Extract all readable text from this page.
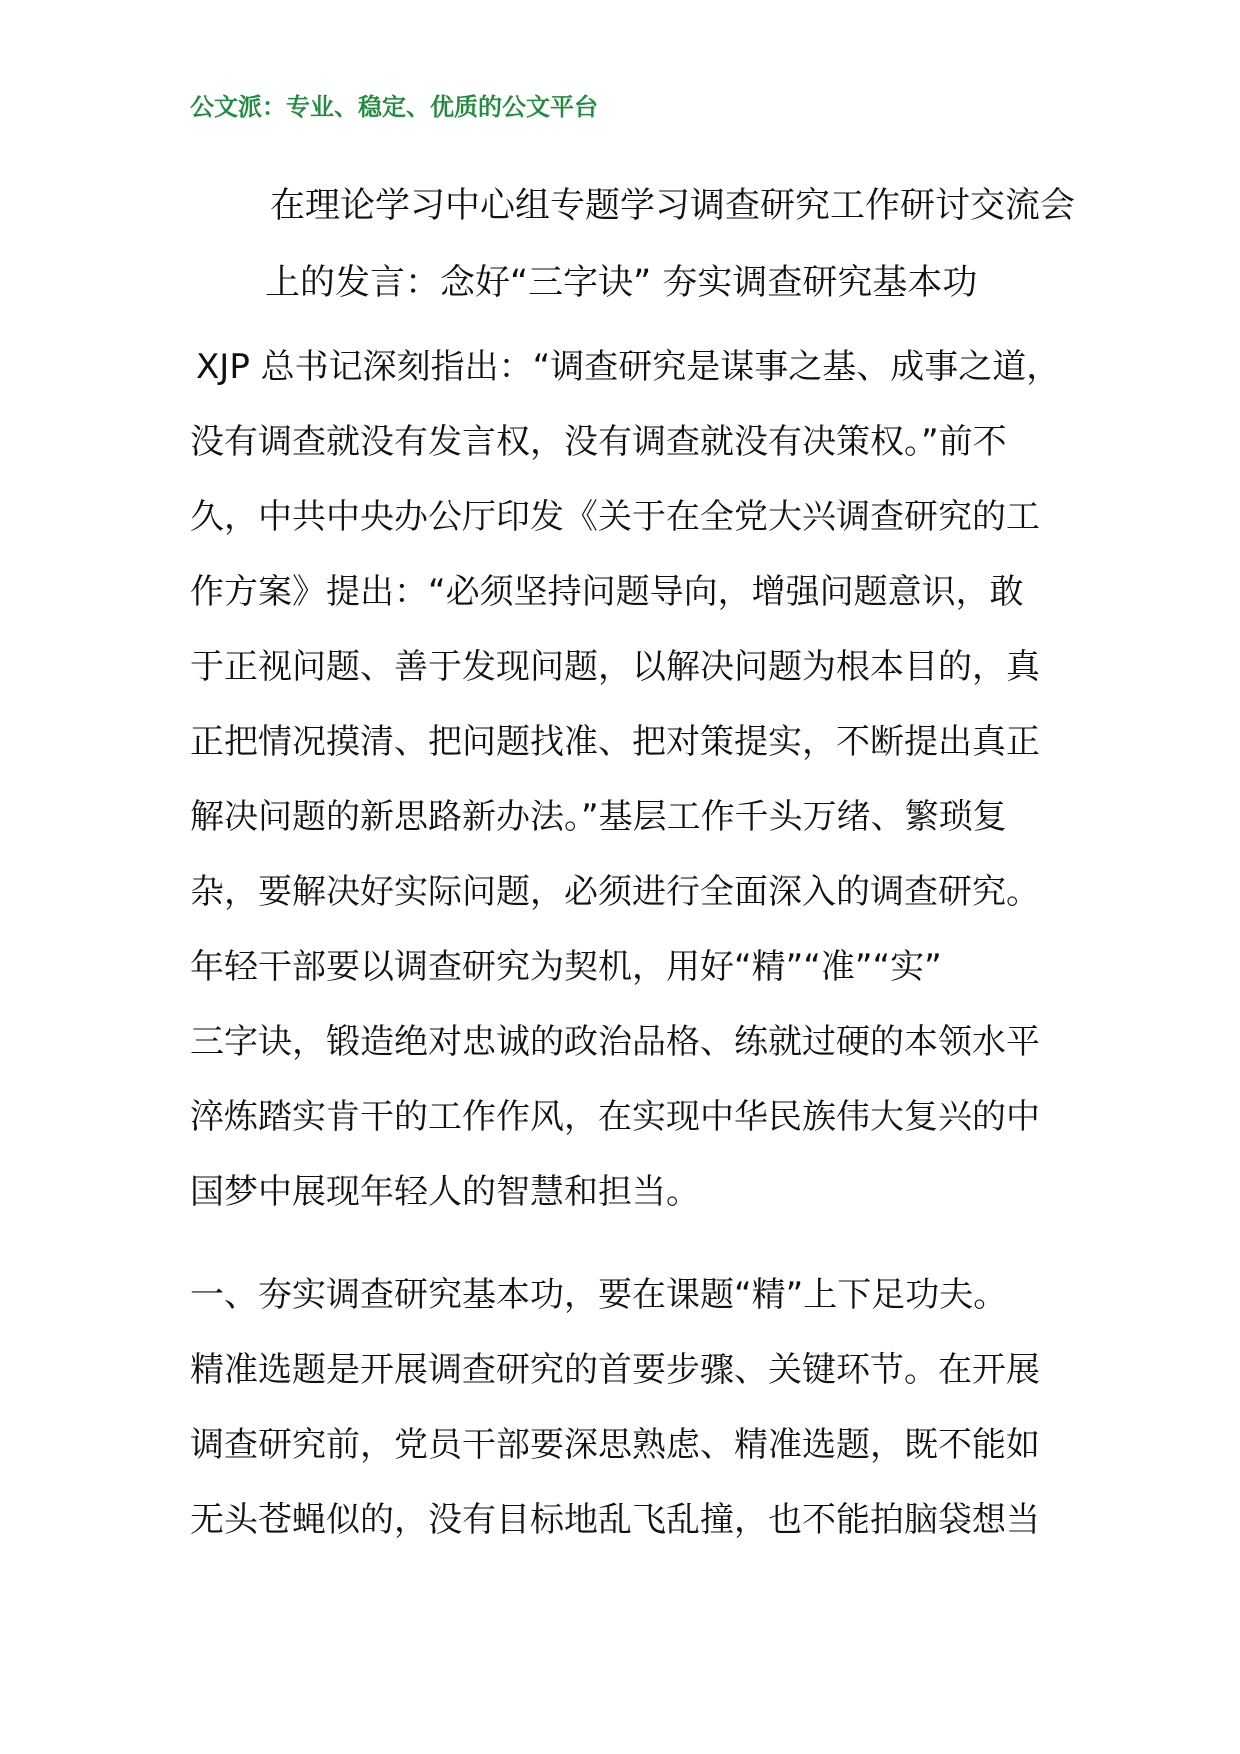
公文派：专业、稳定、优质的公文平台
在理论学习中心组专题学习调查研究工作研讨交流会
上的发言：念好“三字诀” 夯实调查研究基本功
XJP 总书记深刻指出：“调查研究是谋事之基、成事之道，
没有调查就没有发言权，没有调查就没有决策权。”前不
久，中共中央办公厅印发《关于在全党大兴调查研究的工
作方案》提出：“必须坚持问题导向，增强问题意识，敢
于正视问题、善于发现问题，以解决问题为根本目的，真
正把情况摸清、把问题找准、把对策提实，不断提出真正
解决问题的新思路新办法。”基层工作千头万绪、繁琐复
杂，要解决好实际问题，必须进行全面深入的调查研究。
年轻干部要以调查研究为契机，用好“精”“准”“实”
三字诀，锻造绝对忠诚的政治品格、练就过硬的本领水平
淬炼踏实肯干的工作作风，在实现中华民族伟大复兴的中
国梦中展现年轻人的智慧和担当。
一、夯实调查研究基本功，要在课题“精”上下足功夫。
精准选题是开展调查研究的首要步骤、关键环节。在开展
调查研究前，党员干部要深思熟虑、精准选题，既不能如
无头苍蝇似的，没有目标地乱飞乱撞，也不能拍脑袋想当
